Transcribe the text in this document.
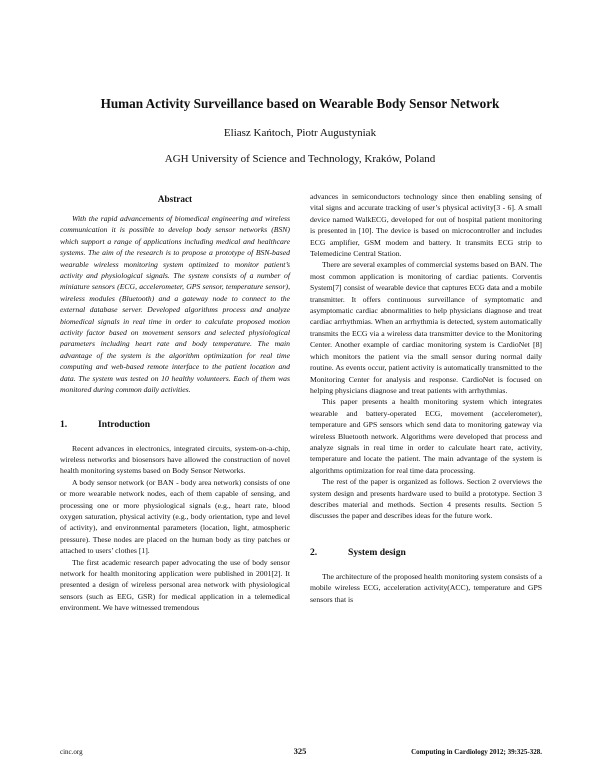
Human Activity Surveillance based on Wearable Body Sensor Network
Eliasz Kańtoch, Piotr Augustyniak
AGH University of Science and Technology, Kraków, Poland
Abstract

With the rapid advancements of biomedical engineering and wireless communication it is possible to develop body sensor networks (BSN) which support a range of applications including medical and healthcare systems. The aim of the research is to propose a prototype of BSN-based wearable wireless monitoring system optimized to monitor patient’s activity and physiological signals. The system consists of a number of miniature sensors (ECG, accelerometer, GPS sensor, temperature sensor), wireless modules (Bluetooth) and a gateway node to connect to the external database server. Developed algorithms process and analyze biomedical signals in real time in order to calculate proposed motion activity factor based on movement sensors and selected physiological parameters including heart rate and body temperature. The main advantage of the system is the algorithm optimization for real time computing and web-based remote interface to the patient location and data. The system was tested on 10 healthy volunteers. Each of them was monitored during common daily activities.

1.	Introduction

Recent advances in electronics, integrated circuits, system-on-a-chip, wireless networks and biosensors have allowed the construction of novel health monitoring systems based on Body Sensor Networks.

A body sensor network (or BAN - body area network) consists of one or more wearable network nodes, each of them capable of sensing, and processing one or more physiological signals (e.g., heart rate, blood oxygen saturation, physical activity (e.g., body orientation, type and level of activity), and environmental parameters (location, light, atmospheric pressure). These nodes are placed on the human body as tiny patches or attached to users’ clothes [1].

The first academic research paper advocating the use of body sensor network for health monitoring application were published in 2001[2]. It presented a design of wireless personal area network with physiological sensors (such as EEG, GSR) for medical application in a telemedical environment. We have witnessed tremendous

advances in semiconductors technology since then enabling sensing of vital signs and accurate tracking of user’s physical activity[3 - 6]. A small device named WalkECG, developed for out of hospital patient monitoring is presented in [10]. The device is based on microcontroller and includes ECG amplifier, GSM modem and battery. It transmits ECG strip to Telemedicine Central Station.

There are several examples of commercial systems based on BAN. The most common application is monitoring of cardiac patients. Corventis System[7] consist of wearable device that captures ECG data and a mobile transmitter. It offers continuous surveillance of symptomatic and asymptomatic cardiac abnormalities to help physicians diagnose and treat cardiac arrhythmias. When an arrhythmia is detected, system automatically transmits the ECG via a wireless data transmitter device to the Monitoring Center. Another example of cardiac monitoring system is CardioNet [8] which monitors the patient via the small sensor during normal daily routine. As events occur, patient activity is automatically transmitted to the Monitoring Center for analysis and response. CardioNet is focused on helping physicians diagnose and treat patients with arrhythmias.

This paper presents a health monitoring system which integrates wearable and battery-operated ECG, movement (accelerometer), temperature and GPS sensors which send data to monitoring gateway via wireless Bluetooth network. Algorithms were developed that process and analyze signals in real time in order to calculate heart rate, activity, temperature and locate the patient. The main advantage of the system is algorithms optimization for real time data processing.

The rest of the paper is organized as follows. Section 2 overviews the system design and presents hardware used to build a prototype. Section 3 describes material and methods. Section 4 presents results. Section 5 discusses the paper and describes ideas for the future work.

2.	System design

The architecture of the proposed health monitoring system consists of a mobile wireless ECG, acceleration activity(ACC), temperature and GPS sensors that is

cinc.org	325	Computing in Cardiology 2012; 39:325-328.
